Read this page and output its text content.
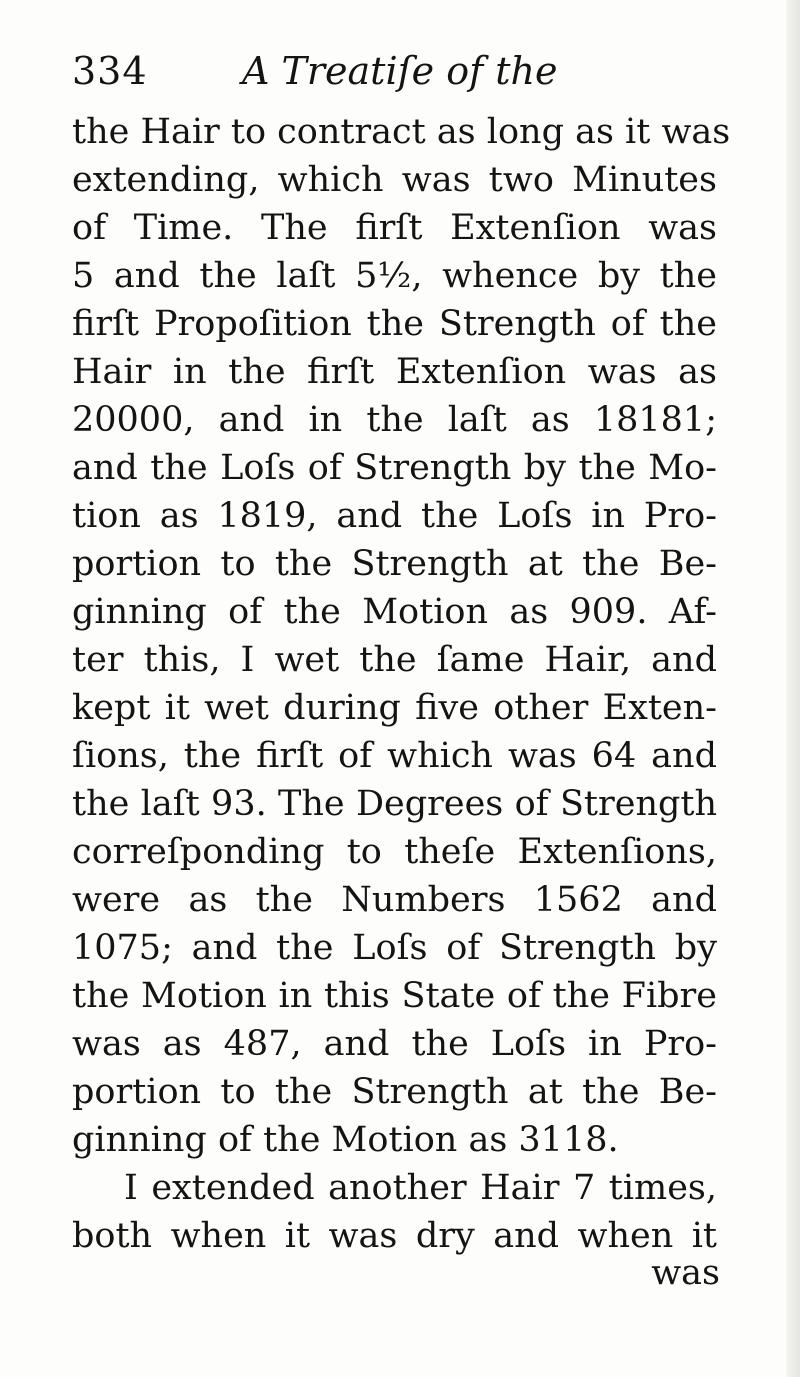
334 A Treatiſe of the
the Hair to contract as long as it was
extending, which was two Minutes
of Time. The firſt Extenſion was
5 and the laſt 5½, whence by the
firſt Propoſition the Strength of the
Hair in the firſt Extenſion was as
20000, and in the laſt as 18181;
and the Loſs of Strength by the Mo-
tion as 1819, and the Loſs in Pro-
portion to the Strength at the Be-
ginning of the Motion as 909. Af-
ter this, I wet the ſame Hair, and
kept it wet during five other Exten-
ſions, the firſt of which was 64 and
the laſt 93. The Degrees of Strength
correſponding to theſe Extenſions,
were as the Numbers 1562 and
1075; and the Loſs of Strength by
the Motion in this State of the Fibre
was as 487, and the Loſs in Pro-
portion to the Strength at the Be-
ginning of the Motion as 3118.
I extended another Hair 7 times,
both when it was dry and when it
was
